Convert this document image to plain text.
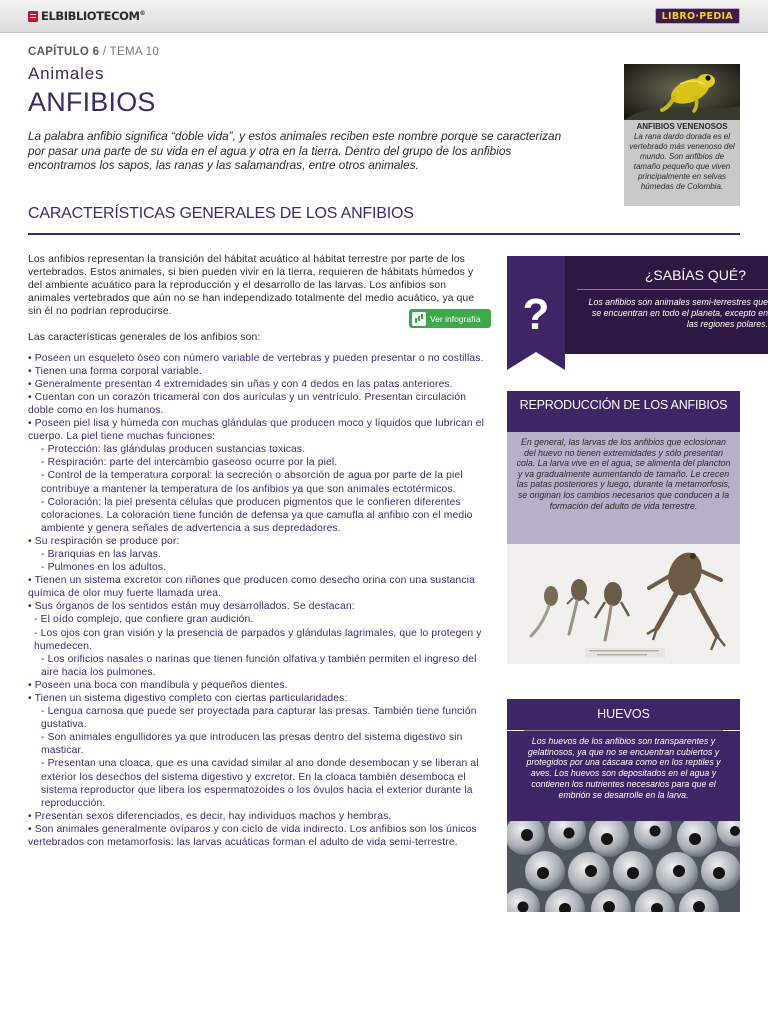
ELBIBLIOTECOM®	LIBRO·PEDIA
CAPÍTULO 6 / TEMA 10
Animales
ANFIBIOS
La palabra anfibio significa “doble vida”, y estos animales reciben este nombre porque se caracterizan por pasar una parte de su vida en el agua y otra en la tierra. Dentro del grupo de los anfibios encontramos los sapos, las ranas y las salamandras, entre otros animales.
CARACTERÍSTICAS GENERALES DE LOS ANFIBIOS

Los anfibios representan la transición del hábitat acuático al hábitat terrestre por parte de los vertebrados. Estos animales, si bien pueden vivir en la tierra, requieren de hábitats húmedos y del ambiente acuático para la reproducción y el desarrollo de las larvas. Los anfibios son animales vertebrados que aún no se han independizado totalmente del medio acuático, ya que sin él no podrían reproducirse.

Las características generales de los anfibios son:

• Poseen un esqueleto óseo con número variable de vertebras y pueden presentar o no costillas.

• Tienen una forma corporal variable.

• Generalmente presentan 4 extremidades sin uñas y con 4 dedos en las patas anteriores.

• Cuentan con un corazón tricameral con dos aurículas y un ventrículo. Presentan circulación doble como en los humanos.

• Poseen piel lisa y húmeda con muchas glándulas que producen moco y líquidos que lubrican el cuerpo. La piel tiene muchas funciones:

- Protección: las glándulas producen sustancias toxicas.

- Respiración: parte del intercambio gaseoso ocurre por la piel.

- Control de la temperatura corporal: la secreción o absorción de agua por parte de la piel contribuye a mantener la temperatura de los anfibios ya que son animales ectotérmicos.

- Coloración: la piel presenta células que producen pigmentos que le confieren diferentes coloraciones. La coloración tiene función de defensa ya que camufla al anfibio con el medio ambiente y genera señales de advertencia a sus depredadores.

• Su respiración se produce por:

- Branquias en las larvas.

- Pulmones en los adultos.

• Tienen un sistema excretor con riñones que producen como desecho orina con una sustancia química de olor muy fuerte llamada urea.

• Sus órganos de los sentidos están muy desarrollados. Se destacan:

- El oído complejo, que confiere gran audición.

- Los ojos con gran visión y la presencia de parpados y glándulas lagrimales, que lo protegen y humedecen.

- Los orificios nasales o narinas que tienen función olfativa y también permiten el ingreso del aire hacia los pulmones.

• Poseen una boca con mandíbula y pequeños dientes.

• Tienen un sistema digestivo completo con ciertas particularidades:

- Lengua carnosa que puede ser proyectada para capturar las presas. También tiene función gustativa.

- Son animales engullidores ya que introducen las presas dentro del sistema digestivo sin masticar.

- Presentan una cloaca, que es una cavidad similar al ano donde desembocan y se liberan al exterior los desechos del sistema digestivo y excretor. En la cloaca también desemboca el sistema reproductor que libera los espermatozoides o los óvulos hacia el exterior durante la reproducción.

• Presentan sexos diferenciados, es decir, hay individuos machos y hembras.

• Son animales generalmente ovíparos y con ciclo de vida indirecto. Los anfibios son los únicos vertebrados con metamorfosis: las larvas acuáticas forman el adulto de vida semi-terrestre.

Ver infografía
ANFIBIOS VENENOSOS
La rana dardo dorada es el vertebrado más venenoso del mundo. Son anfibios de tamaño pequeño que viven principalmente en selvas húmedas de Colombia.
?
¿SABÍAS QUÉ?
Los anfibios son animales semi-terrestres que se encuentran en todo el planeta, excepto en las regiones polares.
REPRODUCCIÓN DE LOS ANFIBIOS
En general, las larvas de los anfibios que eclosionan del huevo no tienen extremidades y sólo presentan cola. La larva vive en el agua, se alimenta del plancton y va gradualmente aumentando de tamaño. Le crecen las patas posteriores y luego, durante la metamorfosis, se originan los cambios necesarios que conducen a la formación del adulto de vida terrestre.
HUEVOS
Los huevos de los anfibios son transparentes y gelatinosos, ya que no se encuentran cubiertos y protegidos por una cáscara como en los reptiles y aves. Los huevos son depositados en el agua y contienen los nutrientes necesarios para que el embrión se desarrolle en la larva.
